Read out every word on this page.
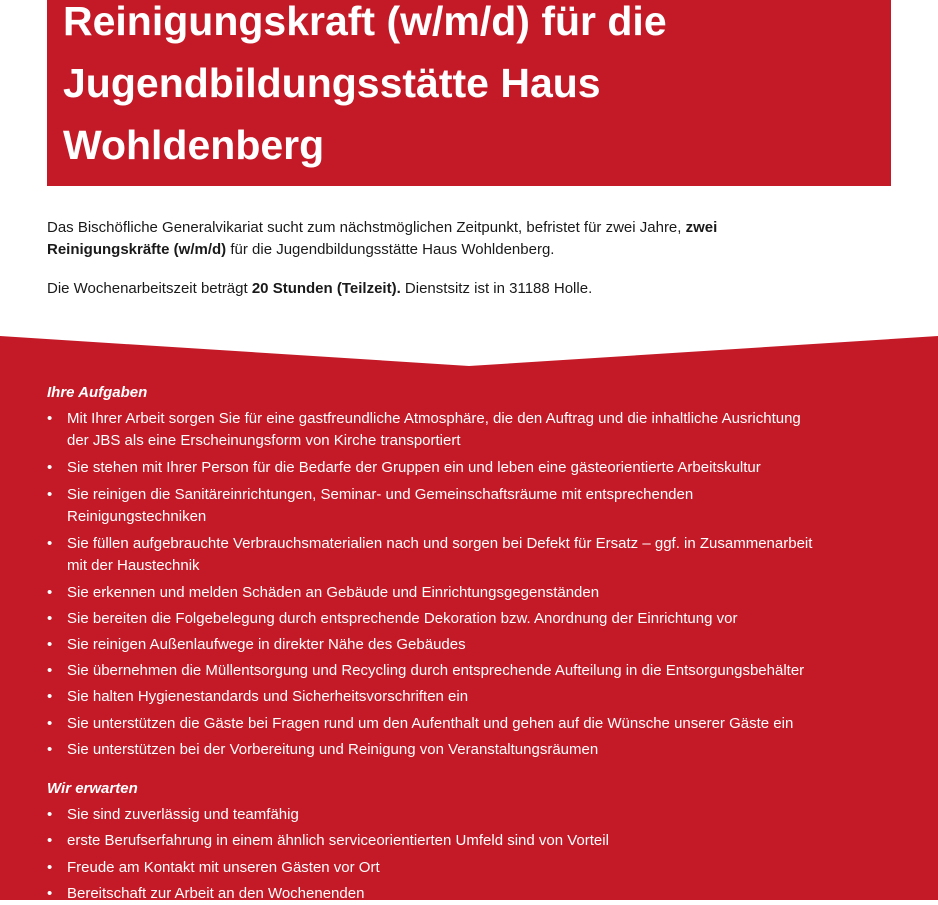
Reinigungskraft (w/m/d) für die
Jugendbildungsstätte Haus
Wohldenberg
Das Bischöfliche Generalvikariat sucht zum nächstmöglichen Zeitpunkt, befristet für zwei Jahre, zwei
Reinigungskräfte (w/m/d) für die Jugendbildungsstätte Haus Wohldenberg.
Die Wochenarbeitszeit beträgt 20 Stunden (Teilzeit). Dienstsitz ist in 31188 Holle.
Ihre Aufgaben
• Mit Ihrer Arbeit sorgen Sie für eine gastfreundliche Atmosphäre, die den Auftrag und die inhaltliche Ausrichtung
der JBS als eine Erscheinungsform von Kirche transportiert
• Sie stehen mit Ihrer Person für die Bedarfe der Gruppen ein und leben eine gästeorientierte Arbeitskultur
• Sie reinigen die Sanitäreinrichtungen, Seminar- und Gemeinschaftsräume mit entsprechenden
Reinigungstechniken
• Sie füllen aufgebrauchte Verbrauchsmaterialien nach und sorgen bei Defekt für Ersatz – ggf. in Zusammenarbeit
mit der Haustechnik
• Sie erkennen und melden Schäden an Gebäude und Einrichtungsgegenständen
• Sie bereiten die Folgebelegung durch entsprechende Dekoration bzw. Anordnung der Einrichtung vor
• Sie reinigen Außenlaufwege in direkter Nähe des Gebäudes
• Sie übernehmen die Müllentsorgung und Recycling durch entsprechende Aufteilung in die Entsorgungsbehälter
• Sie halten Hygienestandards und Sicherheitsvorschriften ein
• Sie unterstützen die Gäste bei Fragen rund um den Aufenthalt und gehen auf die Wünsche unserer Gäste ein
• Sie unterstützen bei der Vorbereitung und Reinigung von Veranstaltungsräumen
Wir erwarten
• Sie sind zuverlässig und teamfähig
• erste Berufserfahrung in einem ähnlich serviceorientierten Umfeld sind von Vorteil
• Freude am Kontakt mit unseren Gästen vor Ort
• Bereitschaft zur Arbeit an den Wochenenden
